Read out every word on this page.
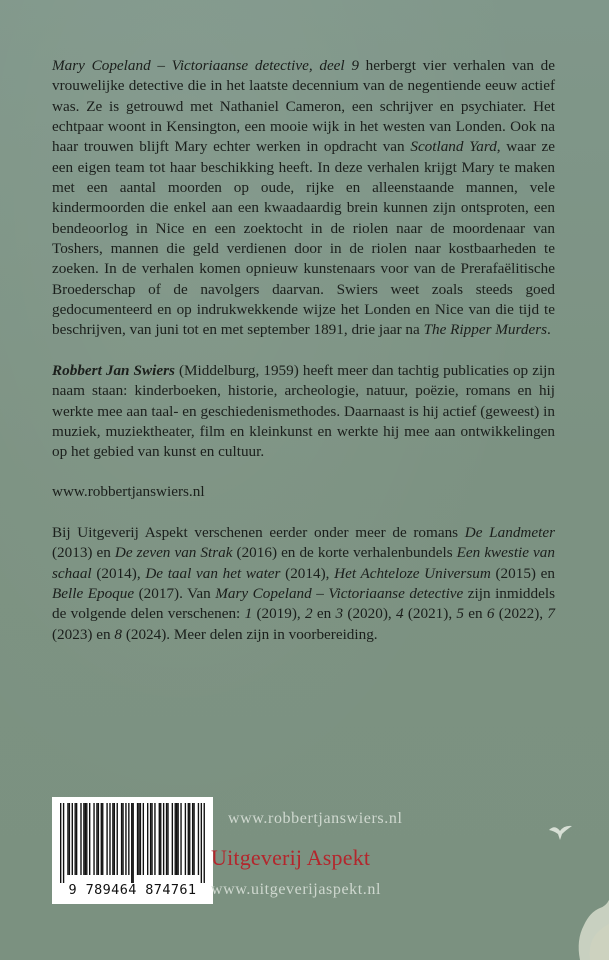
Mary Copeland – Victoriaanse detective, deel 9 herbergt vier verhalen van de vrouwelijke detective die in het laatste decennium van de negentiende eeuw actief was. Ze is getrouwd met Nathaniel Cameron, een schrijver en psychiater. Het echtpaar woont in Kensington, een mooie wijk in het westen van Londen. Ook na haar trouwen blijft Mary echter werken in opdracht van Scotland Yard, waar ze een eigen team tot haar beschikking heeft. In deze verhalen krijgt Mary te maken met een aantal moorden op oude, rijke en alleenstaande mannen, vele kindermoorden die enkel aan een kwaadaardig brein kunnen zijn ontsproten, een bendeoorlog in Nice en een zoektocht in de riolen naar de moordenaar van Toshers, mannen die geld verdienen door in de riolen naar kostbaarheden te zoeken. In de verhalen komen opnieuw kunstenaars voor van de Prerafaëlitische Broederschap of de navolgers daarvan. Swiers weet zoals steeds goed gedocumenteerd en op indrukwekkende wijze het Londen en Nice van die tijd te beschrijven, van juni tot en met september 1891, drie jaar na The Ripper Murders.

Robbert Jan Swiers (Middelburg, 1959) heeft meer dan tachtig publicaties op zijn naam staan: kinderboeken, historie, archeologie, natuur, poëzie, romans en hij werkte mee aan taal- en geschiedenismethodes. Daarnaast is hij actief (geweest) in muziek, muziektheater, film en kleinkunst en werkte hij mee aan ontwikkelingen op het gebied van kunst en cultuur.

www.robbertjanswiers.nl

Bij Uitgeverij Aspekt verschenen eerder onder meer de romans De Landmeter (2013) en De zeven van Strak (2016) en de korte verhalenbundels Een kwestie van schaal (2014), De taal van het water (2014), Het Achteloze Universum (2015) en Belle Epoque (2017). Van Mary Copeland – Victoriaanse detective zijn inmiddels de volgende delen verschenen: 1 (2019), 2 en 3 (2020), 4 (2021), 5 en 6 (2022), 7 (2023) en 8 (2024). Meer delen zijn in voorbereiding.

9 789464 874761
www.robbertjanswiers.nl
Uitgeverij Aspekt
www.uitgeverijaspekt.nl
